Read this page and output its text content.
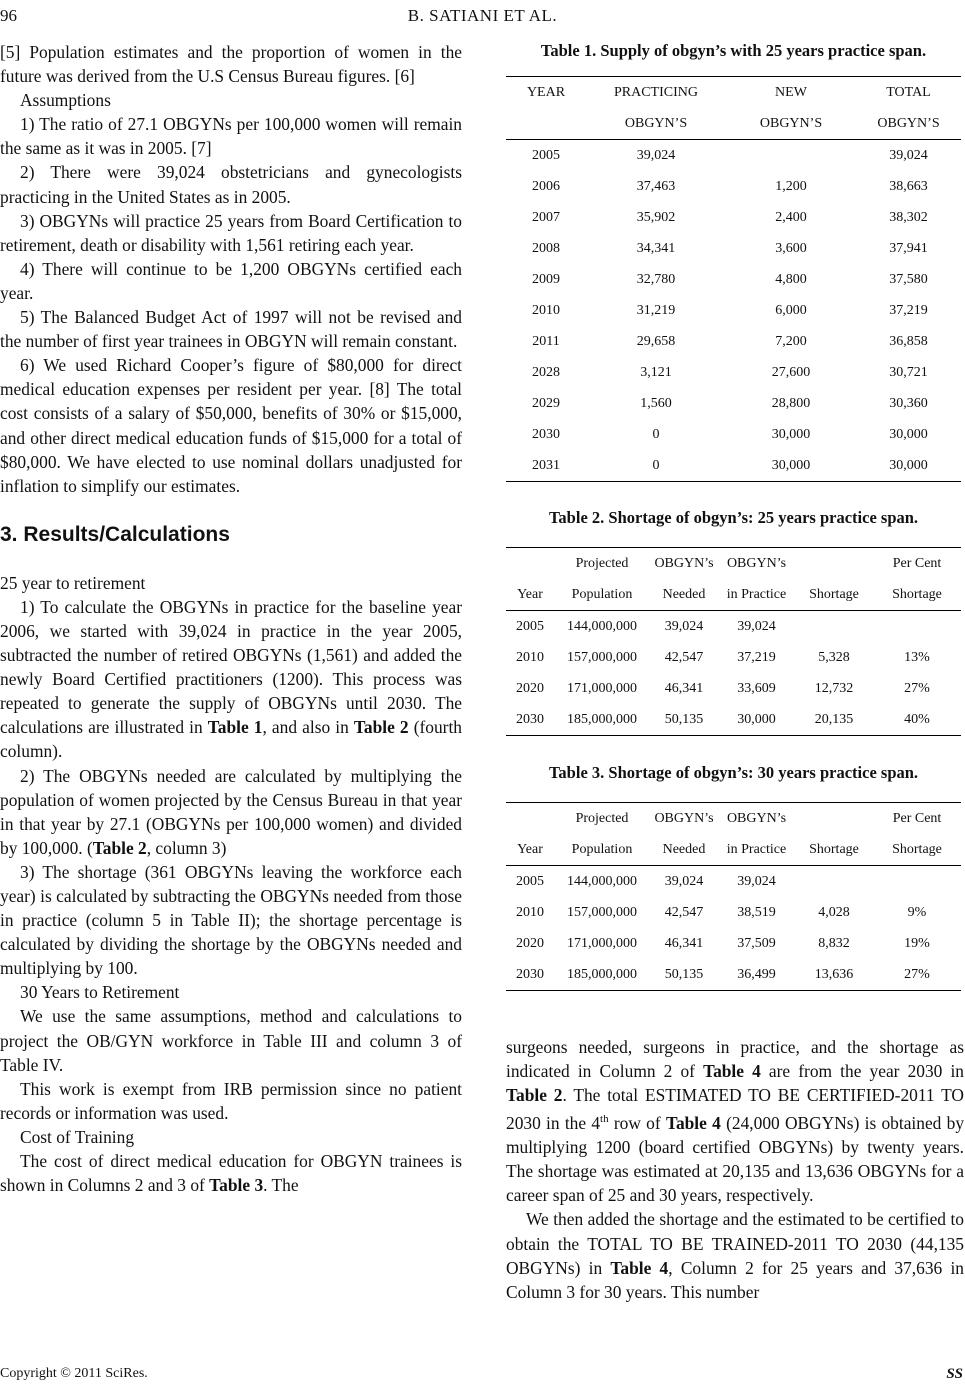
96	B. SATIANI ET AL.

[5] Population estimates and the proportion of women in the future was derived from the U.S Census Bureau figures. [6]

Assumptions

1) The ratio of 27.1 OBGYNs per 100,000 women will remain the same as it was in 2005. [7]

2) There were 39,024 obstetricians and gynecologists practicing in the United States as in 2005.

3) OBGYNs will practice 25 years from Board Certification to retirement, death or disability with 1,561 retiring each year.

4) There will continue to be 1,200 OBGYNs certified each year.

5) The Balanced Budget Act of 1997 will not be revised and the number of first year trainees in OBGYN will remain constant.

6) We used Richard Cooper’s figure of $80,000 for direct medical education expenses per resident per year. [8] The total cost consists of a salary of $50,000, benefits of 30% or $15,000, and other direct medical education funds of $15,000 for a total of $80,000. We have elected to use nominal dollars unadjusted for inflation to simplify our estimates.

3. Results/Calculations

25 year to retirement

1) To calculate the OBGYNs in practice for the baseline year 2006, we started with 39,024 in practice in the year 2005, subtracted the number of retired OBGYNs (1,561) and added the newly Board Certified practitioners (1200). This process was repeated to generate the supply of OBGYNs until 2030. The calculations are illustrated in Table 1, and also in Table 2 (fourth column).

2) The OBGYNs needed are calculated by multiplying the population of women projected by the Census Bureau in that year in that year by 27.1 (OBGYNs per 100,000 women) and divided by 100,000. (Table 2, column 3)

3) The shortage (361 OBGYNs leaving the workforce each year) is calculated by subtracting the OBGYNs needed from those in practice (column 5 in Table II); the shortage percentage is calculated by dividing the shortage by the OBGYNs needed and multiplying by 100.

30 Years to Retirement

We use the same assumptions, method and calculations to project the OB/GYN workforce in Table III and column 3 of Table IV.

This work is exempt from IRB permission since no patient records or information was used.

Cost of Training

The cost of direct medical education for OBGYN trainees is shown in Columns 2 and 3 of Table 3. The

Table 1. Supply of obgyn’s with 25 years practice span.

YEAR	PRACTICING	NEW	TOTAL
	OBGYN’S	OBGYN’S	OBGYN’S
2005	39,024		39,024
2006	37,463	1,200	38,663
2007	35,902	2,400	38,302
2008	34,341	3,600	37,941
2009	32,780	4,800	37,580
2010	31,219	6,000	37,219
2011	29,658	7,200	36,858
2028	3,121	27,600	30,721
2029	1,560	28,800	30,360
2030	0	30,000	30,000
2031	0	30,000	30,000

Table 2. Shortage of obgyn’s: 25 years practice span.

	Projected	OBGYN’s	OBGYN’s		Per Cent
Year	Population	Needed	in Practice	Shortage	Shortage
2005	144,000,000	39,024	39,024		
2010	157,000,000	42,547	37,219	5,328	13%
2020	171,000,000	46,341	33,609	12,732	27%
2030	185,000,000	50,135	30,000	20,135	40%

Table 3. Shortage of obgyn’s: 30 years practice span.

	Projected	OBGYN’s	OBGYN’s		Per Cent
Year	Population	Needed	in Practice	Shortage	Shortage
2005	144,000,000	39,024	39,024		
2010	157,000,000	42,547	38,519	4,028	9%
2020	171,000,000	46,341	37,509	8,832	19%
2030	185,000,000	50,135	36,499	13,636	27%

surgeons needed, surgeons in practice, and the shortage as indicated in Column 2 of Table 4 are from the year 2030 in Table 2. The total ESTIMATED TO BE CERTIFIED-2011 TO 2030 in the 4th row of Table 4 (24,000 OBGYNs) is obtained by multiplying 1200 (board certified OBGYNs) by twenty years. The shortage was estimated at 20,135 and 13,636 OBGYNs for a career span of 25 and 30 years, respectively.

We then added the shortage and the estimated to be certified to obtain the TOTAL TO BE TRAINED-2011 TO 2030 (44,135 OBGYNs) in Table 4, Column 2 for 25 years and 37,636 in Column 3 for 30 years. This number

Copyright © 2011 SciRes.	SS
